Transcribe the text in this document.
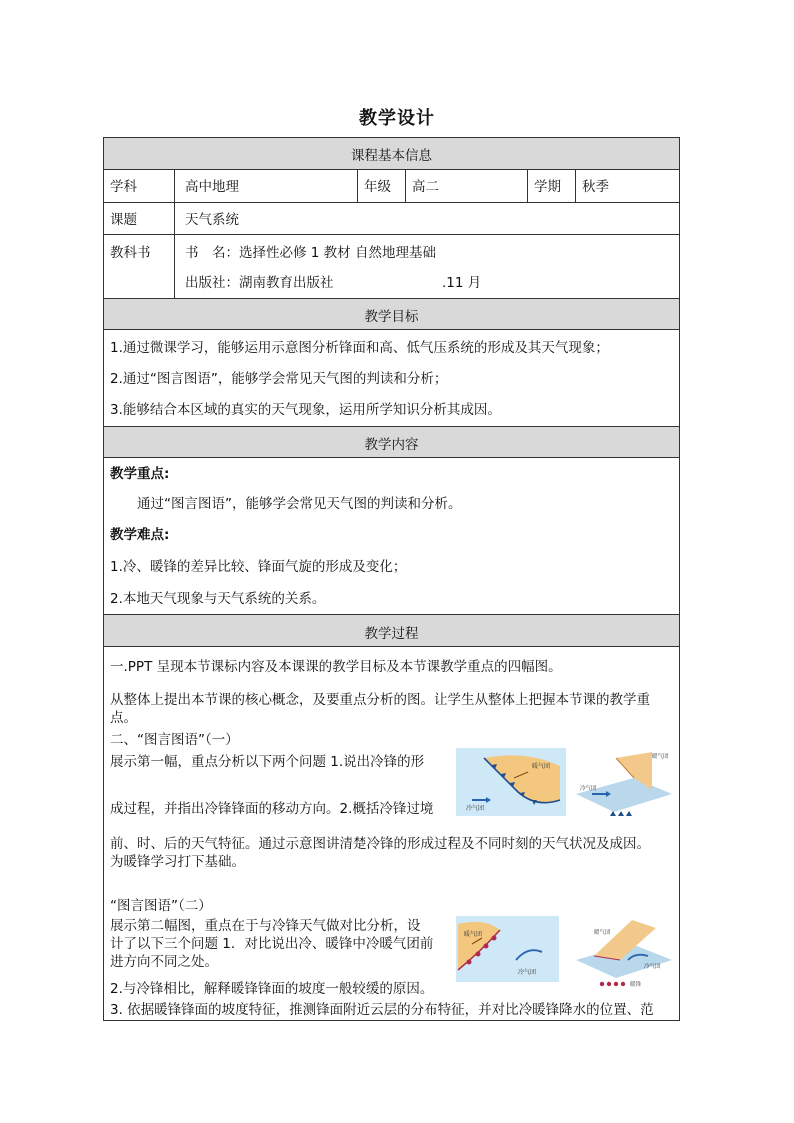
教学设计
课程基本信息
教学目标
教学内容
教学过程
学科	高中地理	年级 高二	学期 秋季
课题	天气系统
教科书	书　名：选择性必修 1 教材 自然地理基础
出版社：湖南教育出版社	.11 月
1.通过微课学习，能够运用示意图分析锋面和高、低气压系统的形成及其天气现象；
2.通过“图言图语”，能够学会常见天气图的判读和分析；
3.能够结合本区域的真实的天气现象，运用所学知识分析其成因。
教学重点:
通过“图言图语”，能够学会常见天气图的判读和分析。
教学难点:
1.冷、暖锋的差异比较、锋面气旋的形成及变化；
2.本地天气现象与天气系统的关系。
一.PPT 呈现本节课标内容及本课课的教学目标及本节课教学重点的四幅图。
从整体上提出本节课的核心概念，及要重点分析的图。让学生从整体上把握本节课的教学重
点。
二、“图言图语”（一）
展示第一幅，重点分析以下两个问题 1.说出冷锋的形
成过程，并指出冷锋锋面的移动方向。2.概括冷锋过境
前、时、后的天气特征。通过示意图讲清楚冷锋的形成过程及不同时刻的天气状况及成因。
为暖锋学习打下基础。
“图言图语”（二）
展示第二幅图，重点在于与冷锋天气做对比分析，设
计了以下三个问题 1．对比说出冷、暖锋中冷暖气团前
进方向不同之处。
2.与冷锋相比，解释暖锋锋面的坡度一般较缓的原因。
3. 依据暖锋锋面的坡度特征，推测锋面附近云层的分布特征，并对比冷暖锋降水的位置、范
冷气团
暖气团
暖气团
冷气团
暖气团
冷气团
暖气团
冷气团
暖锋
